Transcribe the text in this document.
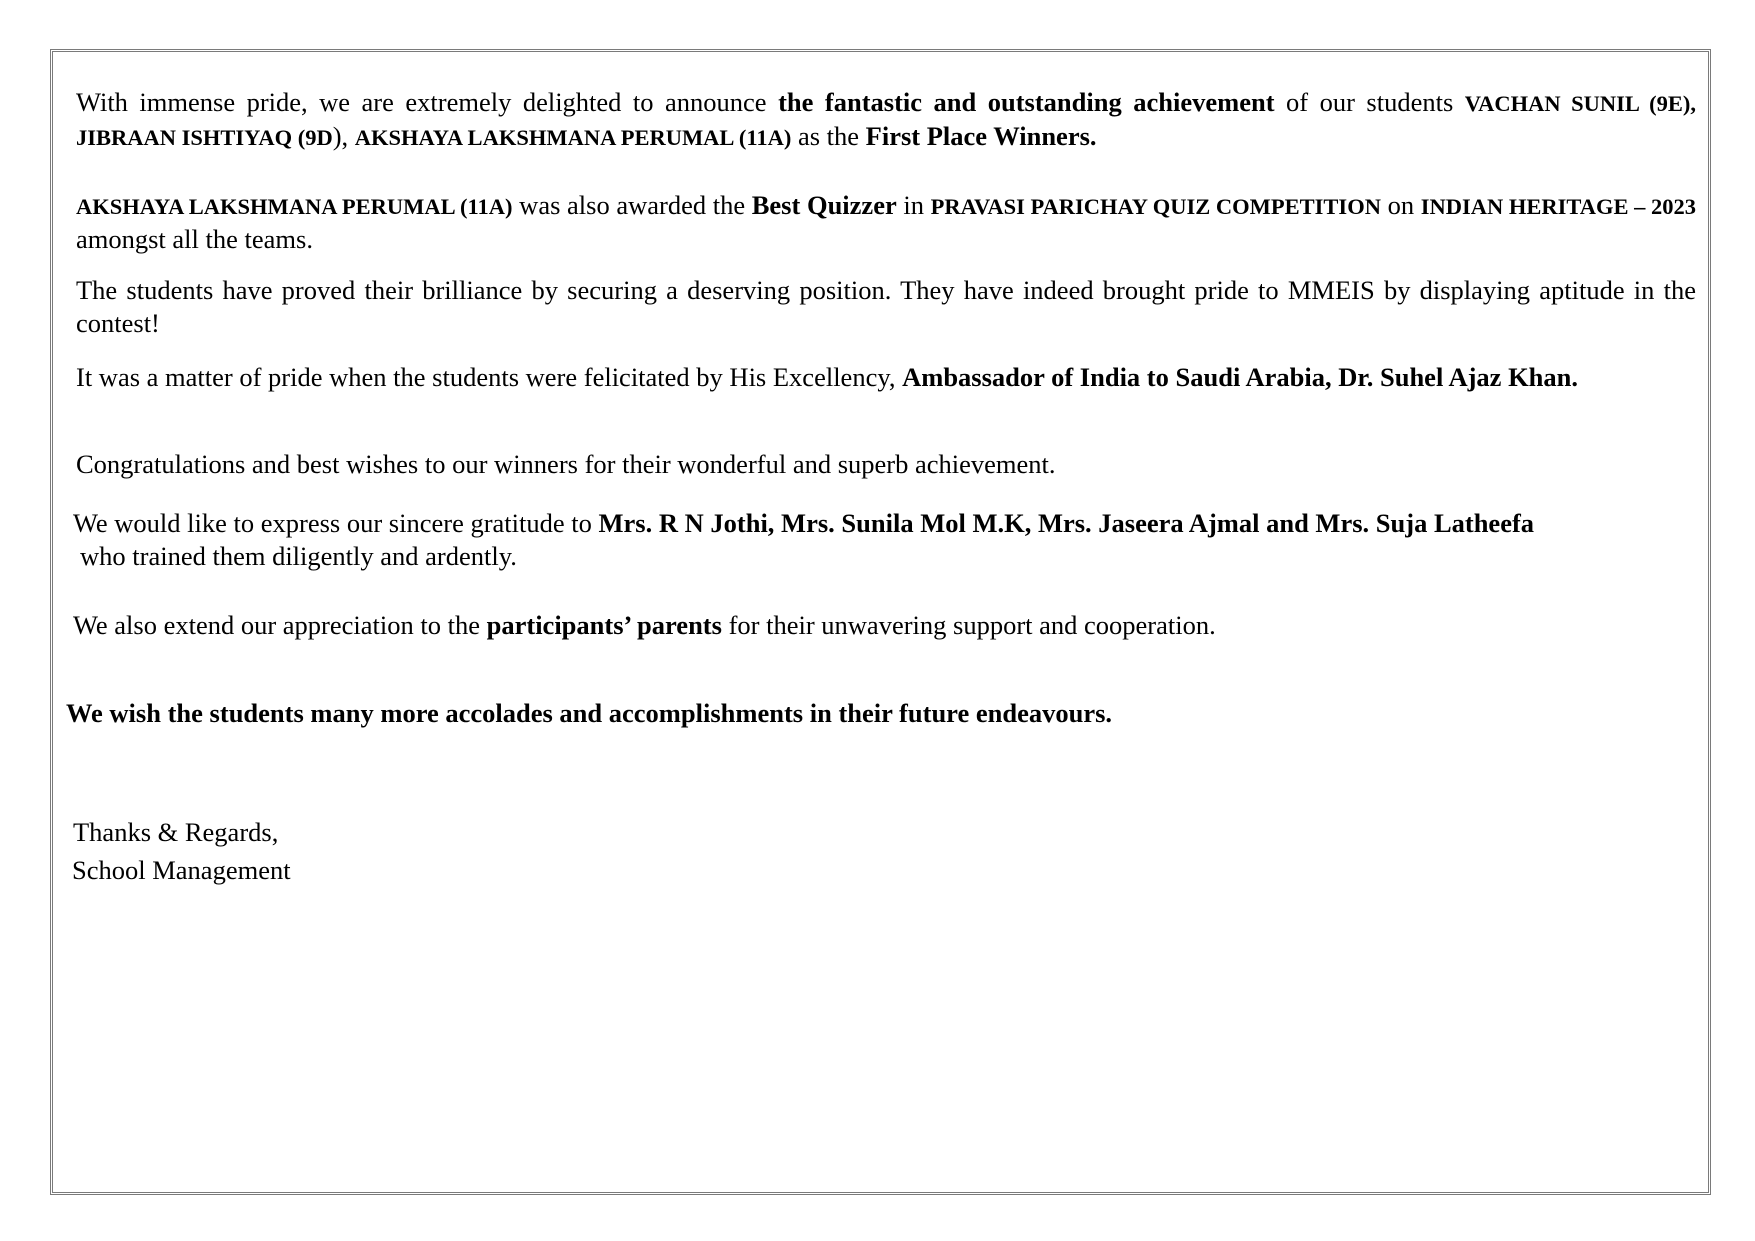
With immense pride, we are extremely delighted to announce the fantastic and outstanding achievement of our students VACHAN SUNIL (9E), JIBRAAN ISHTIYAQ (9D), AKSHAYA LAKSHMANA PERUMAL (11A) as the First Place Winners.

AKSHAYA LAKSHMANA PERUMAL (11A) was also awarded the Best Quizzer in PRAVASI PARICHAY QUIZ COMPETITION on INDIAN HERITAGE – 2023 amongst all the teams.

The students have proved their brilliance by securing a deserving position. They have indeed brought pride to MMEIS by displaying aptitude in the contest!

It was a matter of pride when the students were felicitated by His Excellency, Ambassador of India to Saudi Arabia, Dr. Suhel Ajaz Khan.

Congratulations and best wishes to our winners for their wonderful and superb achievement.

We would like to express our sincere gratitude to Mrs. R N Jothi, Mrs. Sunila Mol M.K, Mrs. Jaseera Ajmal and Mrs. Suja Latheefa

who trained them diligently and ardently.

We also extend our appreciation to the participants’ parents for their unwavering support and cooperation.

We wish the students many more accolades and accomplishments in their future endeavours.

Thanks & Regards,

School Management
